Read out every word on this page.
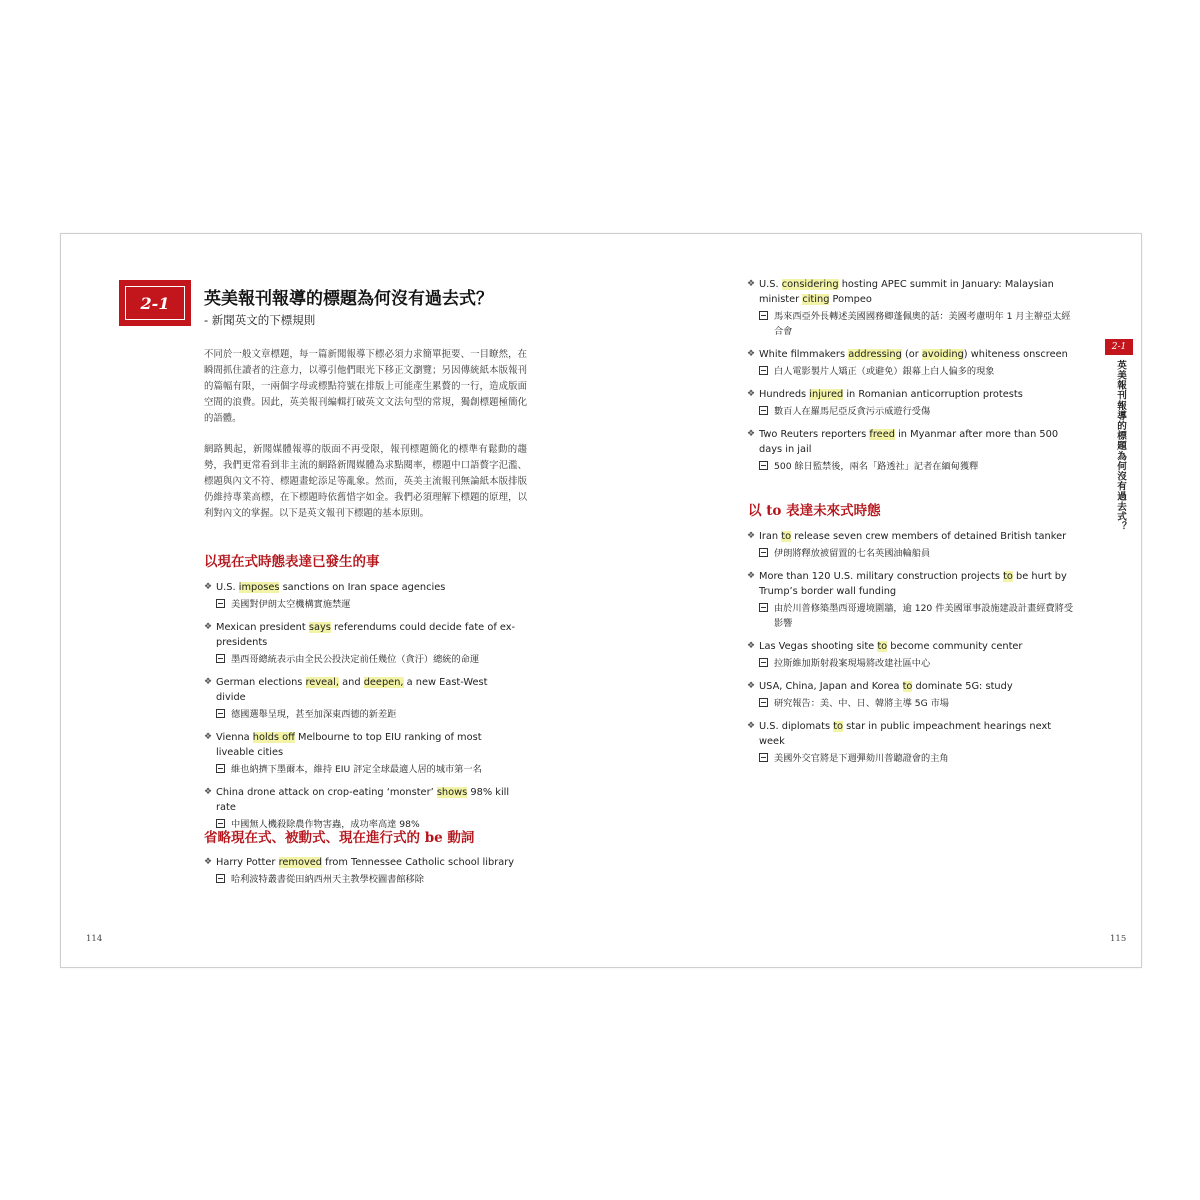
2-1	英美報刊報導的標題為何沒有過去式？
- 新聞英文的下標規則
不同於一般文章標題，每一篇新聞報導下標必須力求簡單扼要、一目瞭然，在瞬間抓住讀者的注意力，以導引他們眼光下移正文瀏覽；另因傳統紙本版報刊的篇幅有限，一兩個字母或標點符號在排版上可能產生累贅的一行，造成版面空間的浪費。因此，英美報刊編輯打破英文文法句型的常規，獨創標題極簡化的語體。
網路興起，新聞媒體報導的版面不再受限，報刊標題簡化的標準有鬆動的趨勢，我們更常看到非主流的網路新聞媒體為求點閱率，標題中口語贅字氾濫、標題與內文不符、標題畫蛇添足等亂象。然而，英美主流報刊無論紙本版排版仍維持專業高標，在下標題時依舊惜字如金。我們必須理解下標題的原理，以利對內文的掌握。以下是英文報刊下標題的基本原則。
以現在式時態表達已發生的事
❖ U.S. imposes sanctions on Iran space agencies
美國對伊朗太空機構實施禁運
❖ Mexican president says referendums could decide fate of ex-presidents
墨西哥總統表示由全民公投決定前任幾位（貪汙）總統的命運
❖ German elections reveal, and deepen, a new East-West divide
德國選舉呈現，甚至加深東西德的新差距
❖ Vienna holds off Melbourne to top EIU ranking of most liveable cities
維也納擠下墨爾本，維持 EIU 評定全球最適人居的城市第一名
❖ China drone attack on crop-eating ‘monster’ shows 98% kill rate
中國無人機殺除農作物害蟲，成功率高達 98%
省略現在式、被動式、現在進行式的 be 動詞
❖ Harry Potter removed from Tennessee Catholic school library
哈利波特叢書從田納西州天主教學校圖書館移除
114
❖ U.S. considering hosting APEC summit in January: Malaysian minister citing Pompeo
馬來西亞外長轉述美國國務卿蓬佩奧的話：美國考慮明年 1 月主辦亞太經合會
❖ White filmmakers addressing (or avoiding) whiteness onscreen
白人電影製片人矯正（或避免）銀幕上白人偏多的現象
❖ Hundreds injured in Romanian anticorruption protests
數百人在羅馬尼亞反貪污示威遊行受傷
❖ Two Reuters reporters freed in Myanmar after more than 500 days in jail
500 餘日監禁後，兩名「路透社」記者在緬甸獲釋
以 to 表達未來式時態
❖ Iran to release seven crew members of detained British tanker
伊朗將釋放被留置的七名英國油輪船員
❖ More than 120 U.S. military construction projects to be hurt by Trump’s border wall funding
由於川普修築墨西哥邊境圍牆，逾 120 件美國軍事設施建設計畫經費將受影響
❖ Las Vegas shooting site to become community center
拉斯維加斯射殺案現場將改建社區中心
❖ USA, China, Japan and Korea to dominate 5G: study
研究報告：美、中、日、韓將主導 5G 市場
❖ U.S. diplomats to star in public impeachment hearings next week
美國外交官將是下週彈劾川普聽證會的主角
2-1
英美報刊報導的標題為何沒有過去式？
115
